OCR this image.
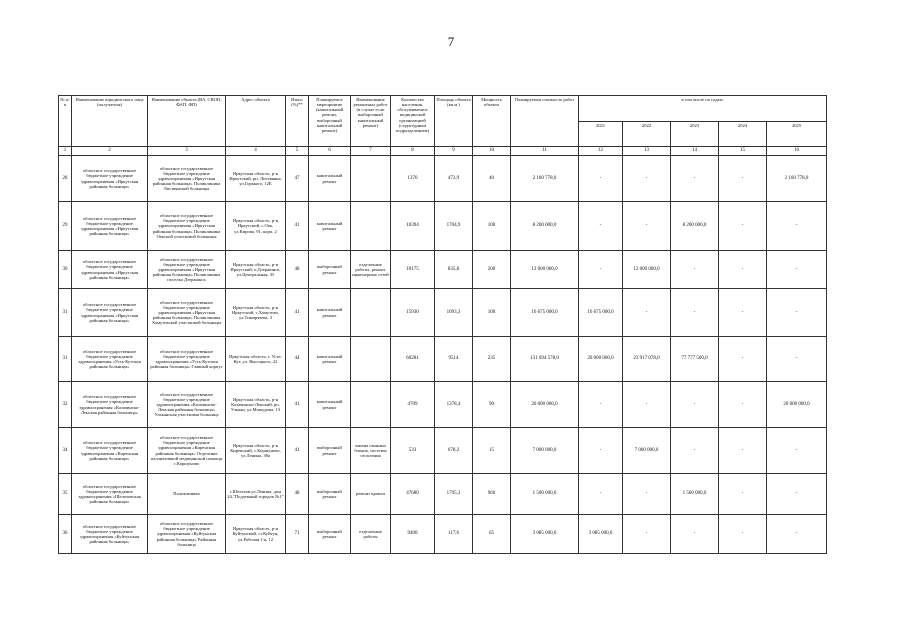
7
№ п/п	Наименование юридического лица (получателя)	Наименование объекта (ВА, СВОП, ФАП, ФП)	Адрес объекта	Износ (%)**	Планируемое мероприятие (капитальный ремонт, выборочный капитальный ремонт)	Наименование ремонтных работ (в случае если выборочный капитальный ремонт)	Количество населения, обслуживаемое медицинской организацией (структурным подразделением)	Площадь объекта (кв.м.)	Мощность объекта	Планируемая стоимость работ	в том числе по годам:				
											2021	2022	2023	2024	2025
1	2	3	4	5	6	7	8	9	10	11	12	13	14	15	16
28	областное государственное бюджетное учреждение здравоохранения «Иркутская районная больница»	областное государственное бюджетное учреждение здравоохранения «Иркутская районная больница» Поликлиника Листвянской больницы	Иркутская область, р-н Иркутский, рп. Листвянка, ул.Горького, 12Б	47	капитальный ремонт		1376	473,9	40	2 160 778,0	-	-	-	-	2 160 778,0
29	областное государственное бюджетное учреждение здравоохранения «Иркутская районная больница»	областное государственное бюджетное учреждение здравоохранения «Иркутская районная больница» Поликлиника Оекской участковой больницы	Иркутская область, р-н Иркутский, с.Оек, ул.Кирова, 91, корп. 2	41	капитальный ремонт		10394	1704,9	100	8 200 000,0	-	-	8 200 000,0	-	-
30	областное государственное бюджетное учреждение здравоохранения «Иркутская районная больница»	областное государственное бюджетное учреждение здравоохранения «Иркутская районная больница» Поликлиника поселка Дзержинск	Иркутская область, р-н Иркутский, п.Дзержинск, ул.Центральная, 35	48	выборочный ремонт	отделочные работы, ремонт инженерных сетей	10175	835,8	200	12 000 000,0	-	12 000 000,0	-	-	-
31	областное государственное бюджетное учреждение здравоохранения «Иркутская районная больница»	областное государственное бюджетное учреждение здравоохранения «Иркутская районная больница» Поликлиника Хомутовской участковой больницы	Иркутская область, р-н Иркутский, с.Хомутово, ул.Тимирязева, 3	41	капитальный ремонт		15930	1093,3	100	16 675 000,0	16 675 000,0	-	-	-	-
31	областное государственное бюджетное учреждение здравоохранения «Усть-Кутская районная больница»	областное государственное бюджетное учреждение здравоохранения «Усть-Кутская районная больница» Главный корпус	Иркутская область, г. Усть-Кут, ул. Высоцкого, 22	44	капитальный ремонт		60281	9514	235	131 694 578,0	20 000 000,0	23 917 078,0	77 777 500,0	-	-
32	областное государственное бюджетное учреждение здравоохранения «Казачинско-Ленская районная больница»	областное государственное бюджетное учреждение здравоохранения «Казачинско-Ленская районная больница» Ульканская участковая больница	Иркутская область, р-н Казачинско-Ленский, рп. Улькан, ул.Машурова, 13	41	капитальный ремонт		4709	1378,4	90	20 000 000,0	-	-	-	-	20 000 000,0
34	областное государственное бюджетное учреждение здравоохранения «Киренская районная больница»	областное государственное бюджетное учреждение здравоохранения «Киренская районная больница» Отделение паллиативной медицинской помощи с.Коршуново	Иркутская область, р-н Киренский, с.Коршуново, ул.Ленина, 38а	41	выборочный ремонт	замена оконных блоков, системы отопления	533	678,2	15	7 000 000,0	-	7 000 000,0	-	-	-
35	областное государственное бюджетное учреждение здравоохранения «Шелеховская районная больница»	Поликлиника	г.Шелехов,ул.Ленина, дом 24,"Подземный городок №1"	48	выборочный ремонт	ремонт кровли	47680	1795,3	960	1 500 000,0	-	-	1 500 000,0	-	-
36	областное государственное бюджетное учреждение здравоохранения «Куйтунская районная больница»	областное государственное бюджетное учреждение здравоохранения «Куйтунская районная больница» Районная больница	Иркутская область, р-н Куйтунский, ст.Куйтун, ул.Рабочая 1-я, 12	71	выборочный ремонт	отделочные работы	9400	117,6	65	3 085 000,0	3 085 000,0	-	-	-	-
